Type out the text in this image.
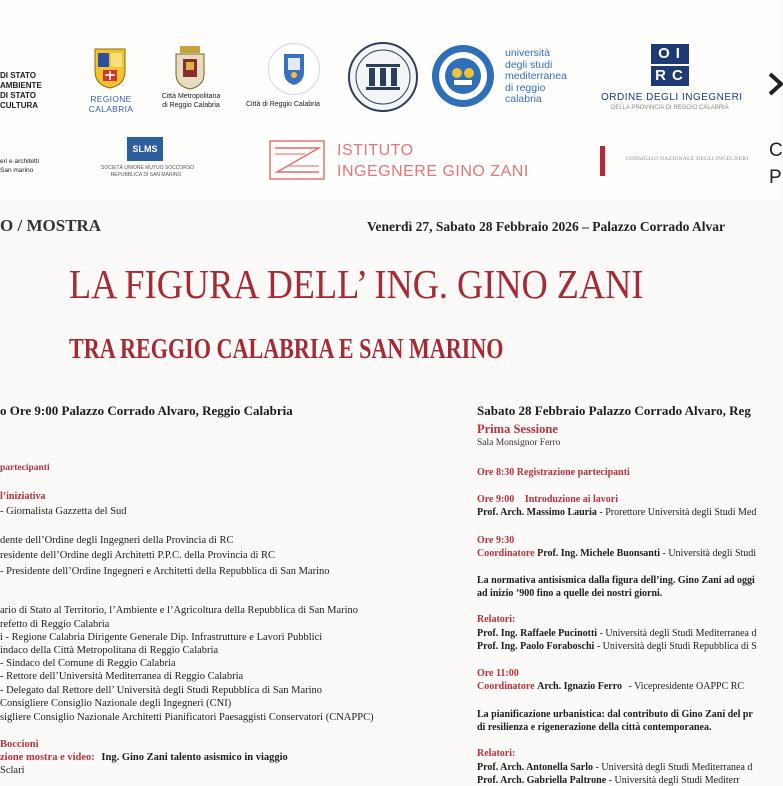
DI STATO
AMBIENTE
DI STATO
CULTURA
REGIONE
CALABRIA
Città Metropolitana
di Reggio Calabria	Città di Reggio Calabria
università
degli studi
mediterranea
di reggio
calabria
OI
RC
ORDINE DEGLI INGEGNERI
DELLA PROVINCIA DI REGGIO CALABRIA
eri e architetti
San marino
SLMS
SOCIETÀ UNIONE MUTUO SOCCORSO
REPUBBLICA DI SAN MARINO
ISTITUTO
INGEGNERE GINO ZANI
CONSIGLIO NAZIONALE DEGLI INGEGNERI C
P
O / MOSTRA	Venerdì 27, Sabato 28 Febbraio 2026 – Palazzo Corrado Alvar
LA FIGURA DELL’ ING. GINO ZANI
TRA REGGIO CALABRIA E SAN MARINO
o Ore 9:00 Palazzo Corrado Alvaro, Reggio Calabria
partecipanti
l’iniziativa
- Giornalista Gazzetta del Sud
dente dell’Ordine degli Ingegneri della Provincia di RC
residente dell’Ordine degli Architetti P.P.C. della Provincia di RC
- Presidente dell’Ordine Ingegneri e Architetti della Repubblica di San Marino
ario di Stato al Territorio, l’Ambiente e l’Agricoltura della Repubblica di San Marino
refetto di Reggio Calabria
i - Regione Calabria Dirigente Generale Dip. Infrastrutture e Lavori Pubblici
indaco della Città Metropolitana di Reggio Calabria
- Sindaco del Comune di Reggio Calabria
- Rettore dell’Università Mediterranea di Reggio Calabria
- Delegato dal Rettore dell’ Università degli Studi Repubblica di San Marino
Consigliere Consiglio Nazionale degli Ingegneri (CNI)
sigliere Consiglio Nazionale Architetti Pianificatori Paesaggisti Conservatori (CNAPPC)
Boccioni
zione mostra e video: Ing. Gino Zani talento asismico in viaggio
Sclari
Sabato 28 Febbraio Palazzo Corrado Alvaro, Reg
Prima Sessione
Sala Monsignor Ferro
Ore 8:30 Registrazione partecipanti
Ore 9:00 Introduzione ai lavori
Prof. Arch. Massimo Lauria - Prorettore Università degli Studi Med
Ore 9:30
Coordinatore Prof. Ing. Michele Buonsanti - Università degli Studi
La normativa antisismica dalla figura dell’ing. Gino Zani ad oggi
ad inizio ’900 fino a quelle dei nostri giorni.
Relatori:
Prof. Ing. Raffaele Pucinotti - Università degli Studi Mediterranea d
Prof. Ing. Paolo Foraboschi - Università degli Studi Repubblica di S
Ore 11:00
Coordinatore Arch. Ignazio Ferro - Vicepresidente OAPPC RC
La pianificazione urbanistica: dal contributo di Gino Zani del pr
di resilienza e rigenerazione della città contemporanea.
Relatori:
Prof. Arch. Antonella Sarlo - Università degli Studi Mediterranea d
Prof. Arch. Gabriella Paltrone - Università degli Studi Mediterr
